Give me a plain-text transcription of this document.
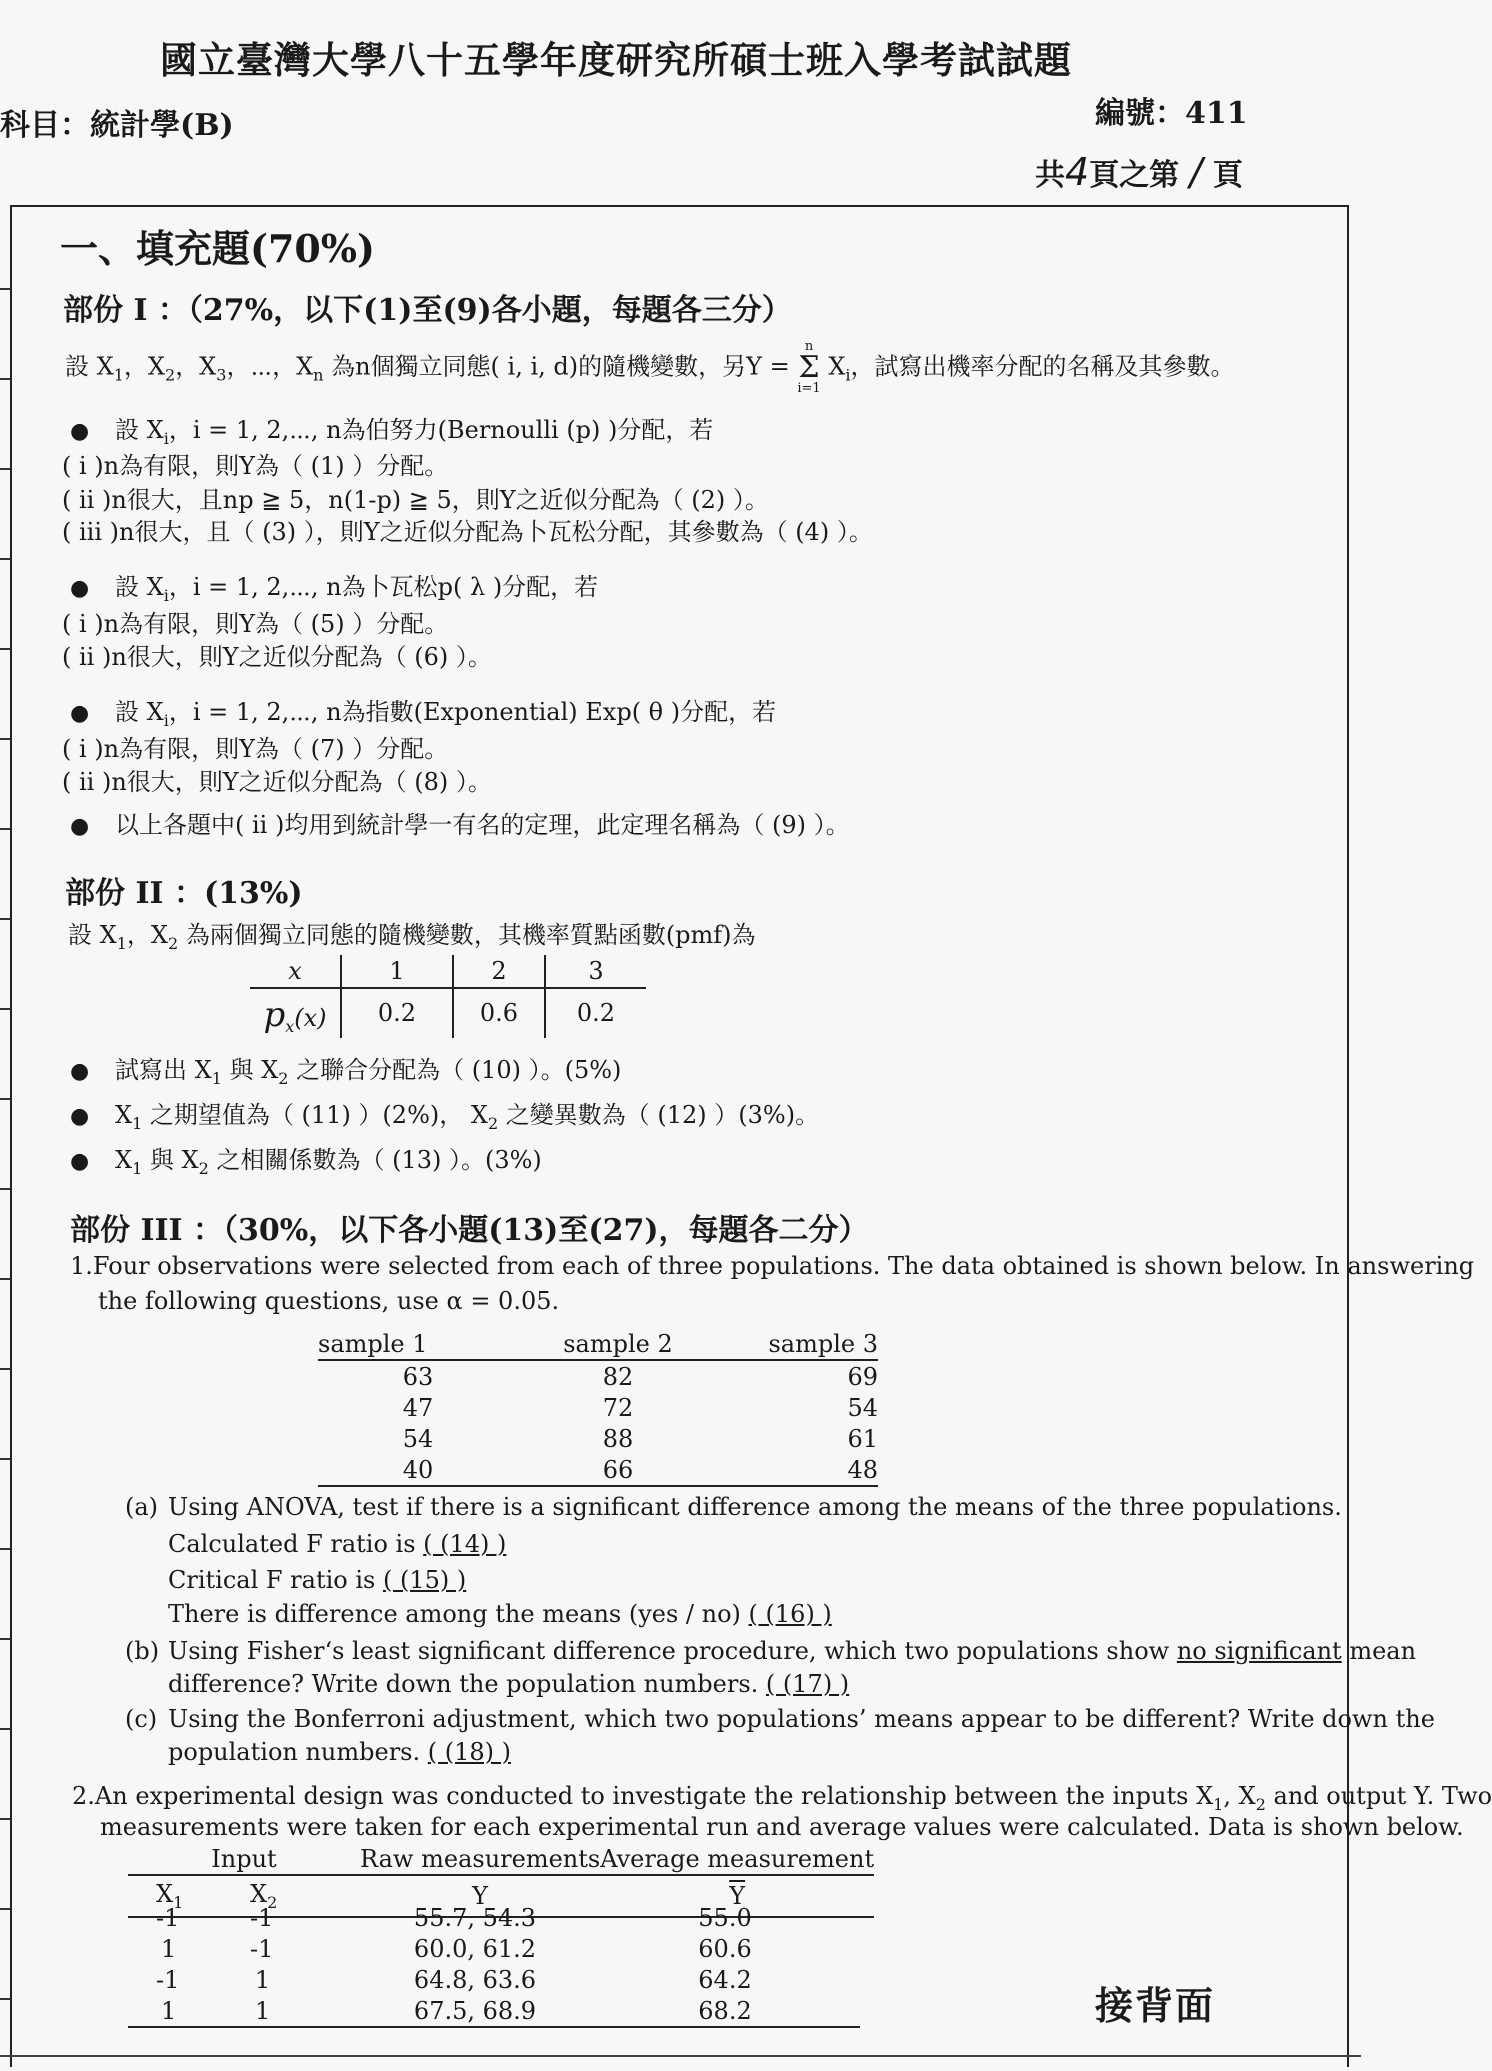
國立臺灣大學八十五學年度研究所碩士班入學考試試題
科目：統計學(B)	編號：411
共4頁之第 / 頁
一、填充題(70%)
部份 I ：（27%，以下(1)至(9)各小題，每題各三分）
設 $X_1$，$X_2$，$X_3$，⋯，$X_n$ 為n個獨立同態( i, i, d)的隨機變數，另Y =
n
Σ
i=1
$X_i$，試寫出機率分配的名稱及其參數。
● 設 $X_i$，i = 1, 2,⋯, n為伯努力(Bernoulli (p) )分配，若
( i )n為有限，則Y為（ (1) ）分配。
( ii )n很大，且np ≧ 5，n(1-p) ≧ 5，則Y之近似分配為（ (2) ）。
( iii )n很大，且（ (3) ），則Y之近似分配為卜瓦松分配，其參數為（ (4) ）。
● 設 $X_i$，i = 1, 2,⋯, n為卜瓦松p( λ )分配，若
( i )n為有限，則Y為（ (5) ）分配。
( ii )n很大，則Y之近似分配為（ (6) ）。
● 設 $X_i$，i = 1, 2,⋯, n為指數(Exponential) Exp( θ )分配，若
( i )n為有限，則Y為（ (7) ）分配。
( ii )n很大，則Y之近似分配為（ (8) ）。
● 以上各題中( ii )均用到統計學一有名的定理，此定理名稱為（ (9) ）。
部份 II ：(13%)
設 $X_1$，$X_2$ 為兩個獨立同態的隨機變數，其機率質點函數(pmf)為
x	1	2	3
$p_x(x)$	0.2	0.6	0.2
● 試寫出 $X_1$ 與 $X_2$ 之聯合分配為（ (10) ）。(5%)
● $X_1$ 之期望值為（ (11) ）(2%)， $X_2$ 之變異數為（ (12) ）(3%)。
● $X_1$ 與 $X_2$ 之相關係數為（ (13) ）。(3%)
部份 III ：（30%，以下各小題(13)至(27)，每題各二分）
1.Four observations were selected from each of three populations. The data obtained is shown below. In answering
the following questions, use α = 0.05.
sample 1	sample 2	sample 3
63	82	69
47	72	54
54	88	61
40	66	48
(a) Using ANOVA, test if there is a significant difference among the means of the three populations.
Calculated F ratio is ( (14) )
Critical F ratio is ( (15) )
There is difference among the means (yes / no) ( (16) )
(b) Using Fisher‘s least significant difference procedure, which two populations show no significant mean
difference? Write down the population numbers. ( (17) )
(c) Using the Bonferroni adjustment, which two populations’ means appear to be different? Write down the
population numbers. ( (18) )
2.An experimental design was conducted to investigate the relationship between the inputs $X_1$, $X_2$ and output Y. Two
measurements were taken for each experimental run and average values were calculated. Data is shown below.
Input		Raw measurements	Average measurement
$X_1$	$X_2$	Y	$\overline{Y}$
-1	-1	55.7, 54.3	55.0
1	-1	60.0, 61.2	60.6
-1	1	64.8, 63.6	64.2
1	1	67.5, 68.9	68.2	接背面
